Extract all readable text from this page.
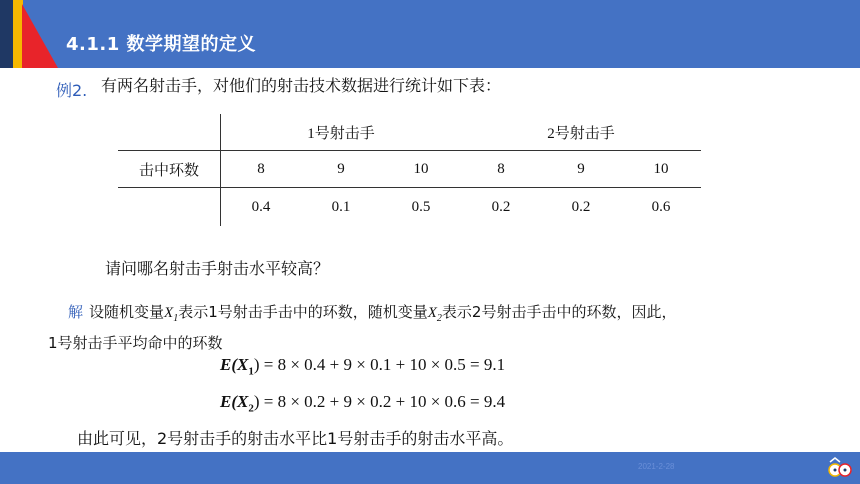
4.1.1 数学期望的定义
例2. 有两名射击手，对他们的射击技术数据进行统计如下表：
	1号射击手			2号射击手		
击中环数	8	9	10	8	9	10
	0.4	0.1	0.5	0.2	0.2	0.6
请问哪名射击手射击水平较高？
解 设随机变量$X_1$表示1号射击手击中的环数，随机变量$X_2$表示2号射击手击中的环数，因此，
1号射击手平均命中的环数
$E(X_1) = 8 \times 0.4 + 9 \times 0.1 + 10 \times 0.5 = 9.1$
$E(X_2) = 8 \times 0.2 + 9 \times 0.2 + 10 \times 0.6 = 9.4$
由此可见，2号射击手的射击水平比1号射击手的射击水平高。
2021-2-28
